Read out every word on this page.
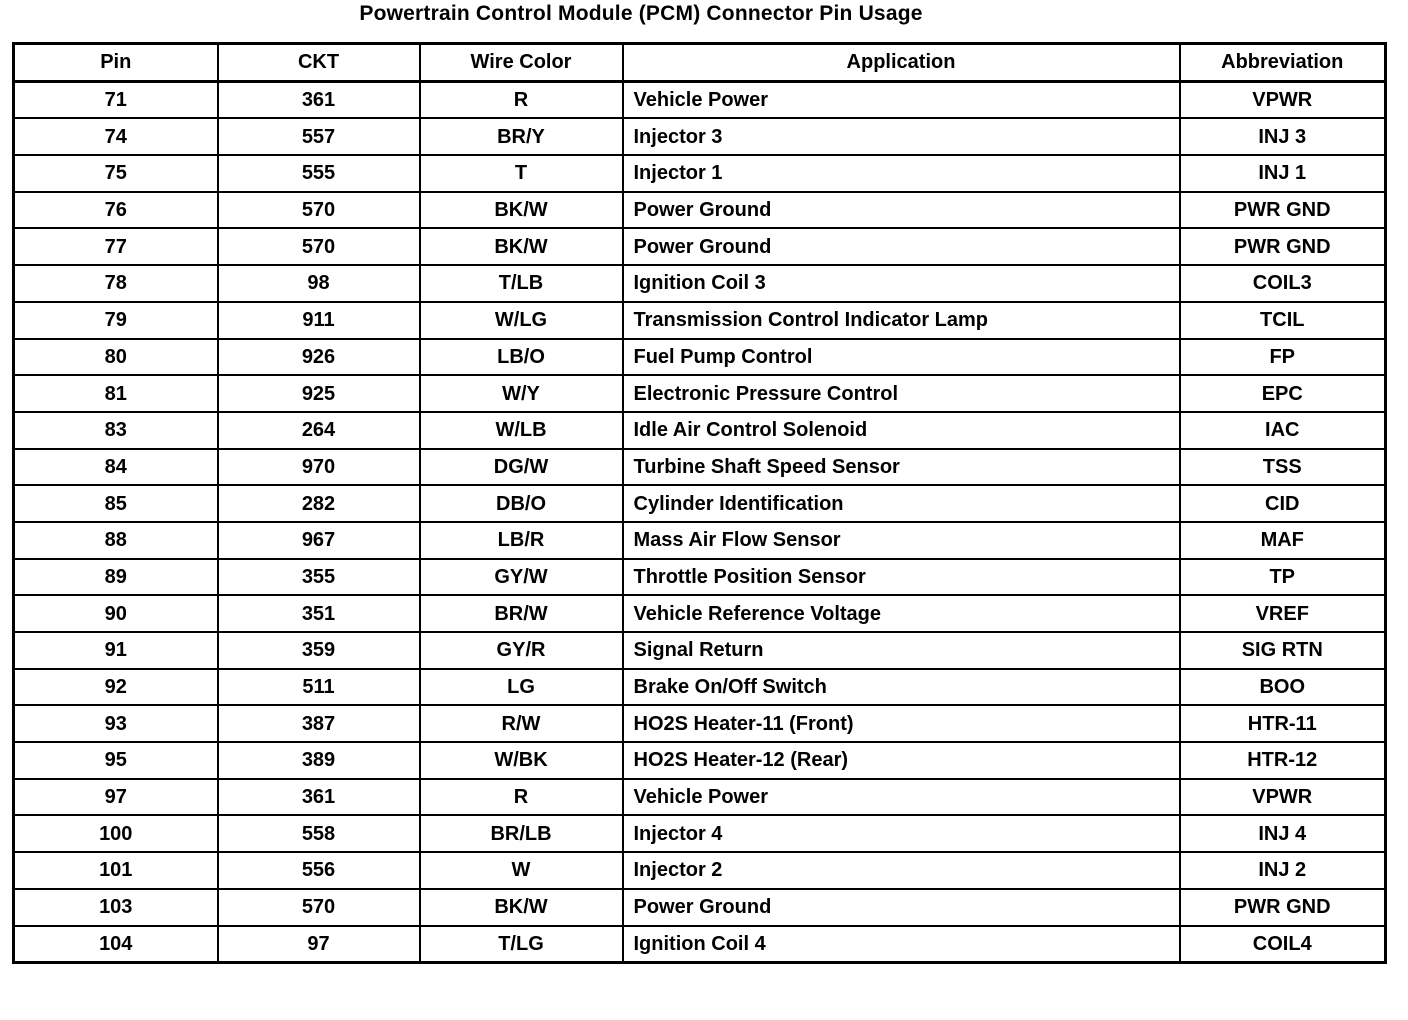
Powertrain Control Module (PCM) Connector Pin Usage
Pin	CKT	Wire Color	Application	Abbreviation
71	361	R	Vehicle Power	VPWR
74	557	BR/Y	Injector 3	INJ 3
75	555	T	Injector 1	INJ 1
76	570	BK/W	Power Ground	PWR GND
77	570	BK/W	Power Ground	PWR GND
78	98	T/LB	Ignition Coil 3	COIL3
79	911	W/LG	Transmission Control Indicator Lamp	TCIL
80	926	LB/O	Fuel Pump Control	FP
81	925	W/Y	Electronic Pressure Control	EPC
83	264	W/LB	Idle Air Control Solenoid	IAC
84	970	DG/W	Turbine Shaft Speed Sensor	TSS
85	282	DB/O	Cylinder Identification	CID
88	967	LB/R	Mass Air Flow Sensor	MAF
89	355	GY/W	Throttle Position Sensor	TP
90	351	BR/W	Vehicle Reference Voltage	VREF
91	359	GY/R	Signal Return	SIG RTN
92	511	LG	Brake On/Off Switch	BOO
93	387	R/W	HO2S Heater-11 (Front)	HTR-11
95	389	W/BK	HO2S Heater-12 (Rear)	HTR-12
97	361	R	Vehicle Power	VPWR
100	558	BR/LB	Injector 4	INJ 4
101	556	W	Injector 2	INJ 2
103	570	BK/W	Power Ground	PWR GND
104	97	T/LG	Ignition Coil 4	COIL4
